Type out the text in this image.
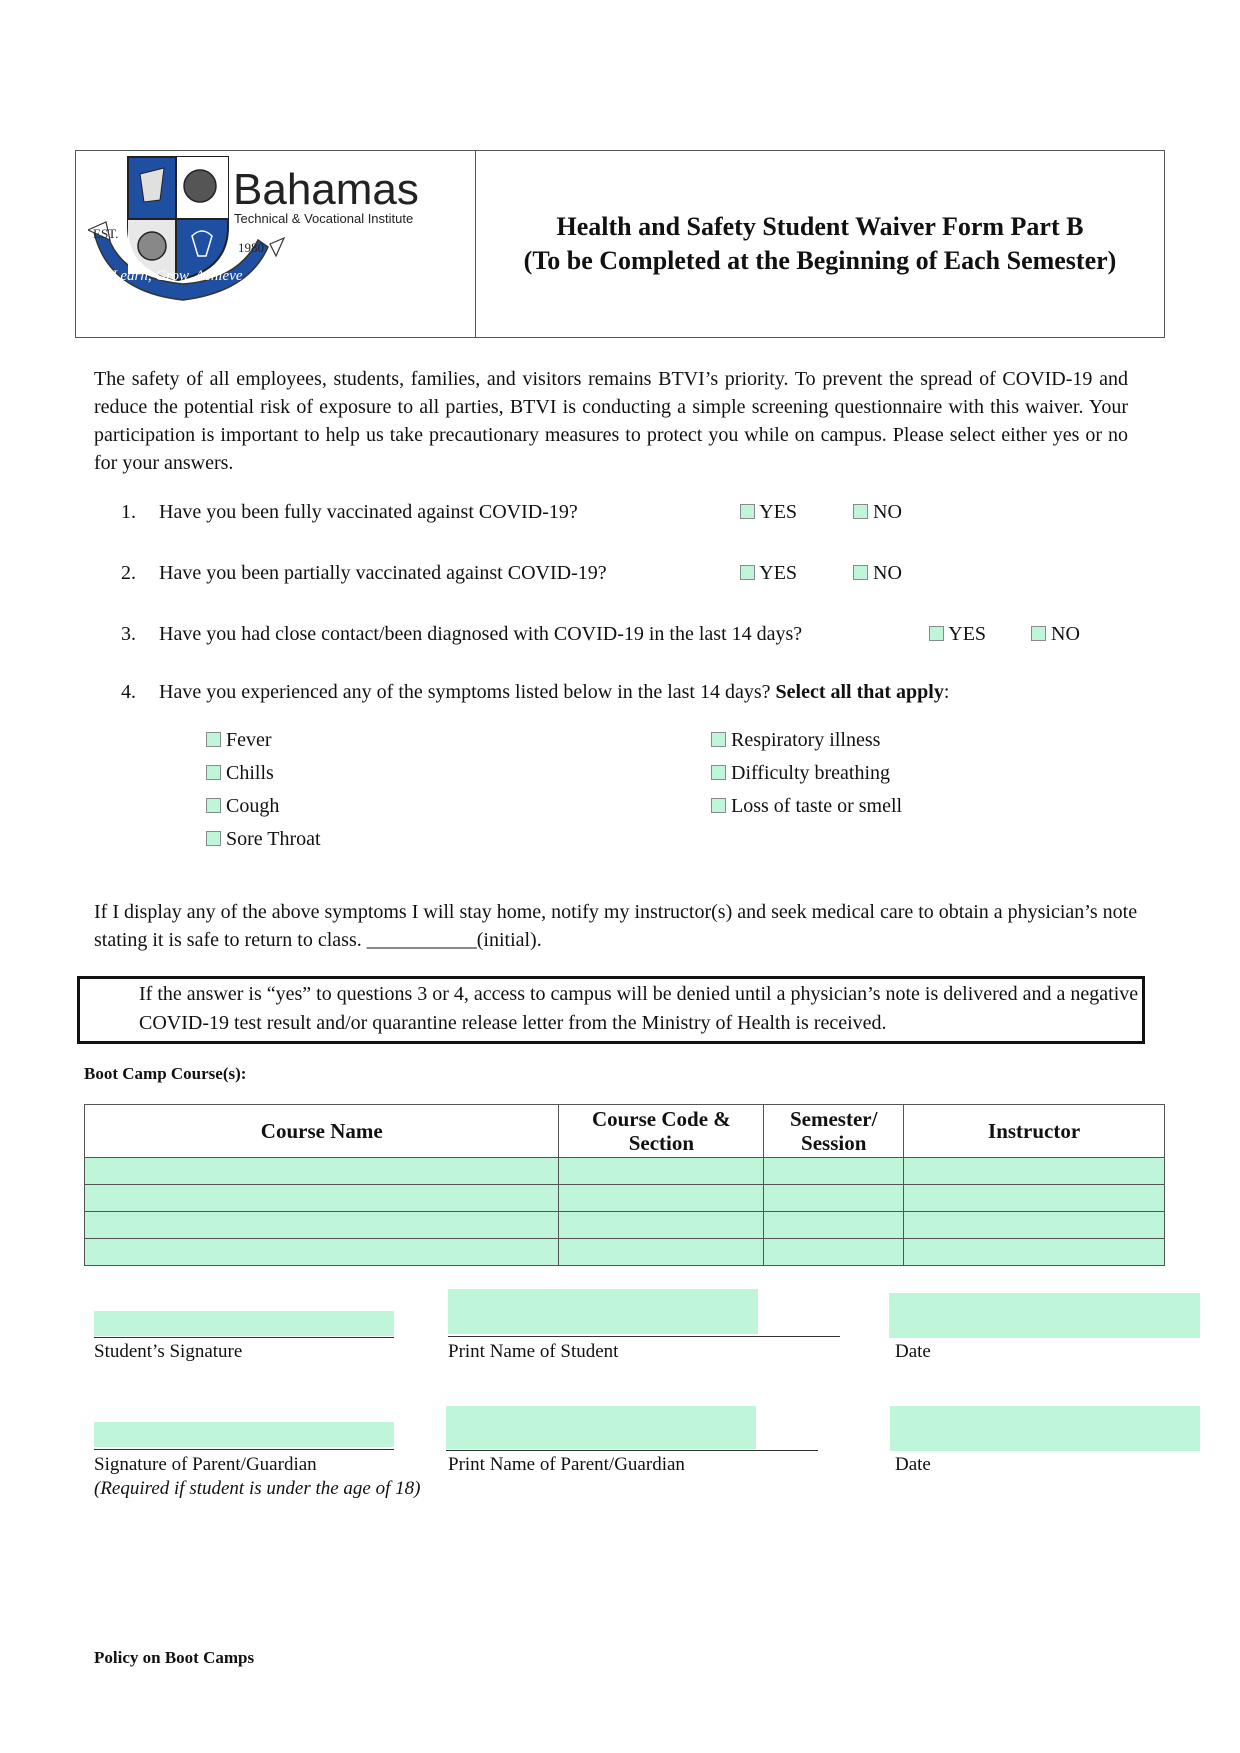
EST.
1980
Learn, Grow, Achieve
Bahamas
Technical & Vocational Institute	Health and Safety Student Waiver Form Part B
(To be Completed at the Beginning of Each Semester)
The safety of all employees, students, families, and visitors remains BTVI’s priority. To prevent the spread of COVID-19 and reduce the potential risk of exposure to all parties, BTVI is conducting a simple screening questionnaire with this waiver. Your participation is important to help us take precautionary measures to protect you while on campus. Please select either yes or no for your answers.
1. Have you been fully vaccinated against COVID-19?	YES	NO
2. Have you been partially vaccinated against COVID-19?	YES	NO
3. Have you had close contact/been diagnosed with COVID-19 in the last 14 days?	YES	NO
4. Have you experienced any of the symptoms listed below in the last 14 days? Select all that apply:
Fever
Chills
Cough
Sore Throat
Respiratory illness
Difficulty breathing
Loss of taste or smell
If I display any of the above symptoms I will stay home, notify my instructor(s) and seek medical care to obtain a physician’s note stating it is safe to return to class. ___________(initial).
If the answer is “yes” to questions 3 or 4, access to campus will be denied until a physician’s note is delivered and a negative COVID-19 test result and/or quarantine release letter from the Ministry of Health is received.
Boot Camp Course(s):
Course Name	Course Code & Section	Semester/ Session	Instructor

Student’s Signature	Print Name of Student	Date
Signature of Parent/Guardian
(Required if student is under the age of 18)
Print Name of Parent/Guardian	Date
Policy on Boot Camps
